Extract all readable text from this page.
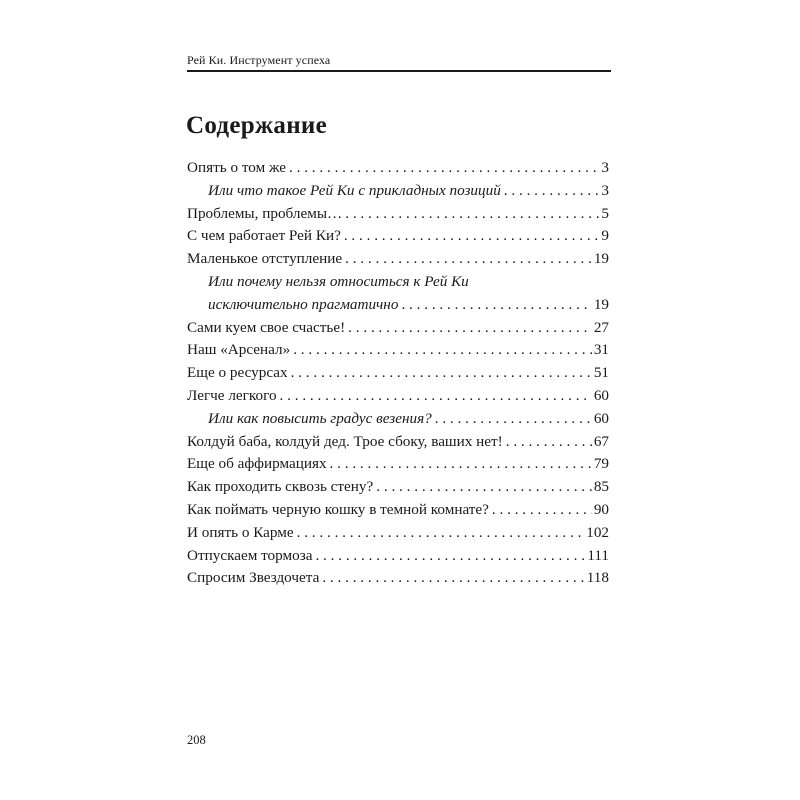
Рей Ки. Инструмент успеха
Содержание
Опять о том же . . .	3
Или что такое Рей Ки с прикладных позиций . . .	3
Проблемы, проблемы… . . .	5
С чем работает Рей Ки? . . .	9
Маленькое отступление . . .	19
Или почему нельзя относиться к Рей Ки
исключительно прагматично . . .	19
Сами куем свое счастье! . . .	27
Наш «Арсенал» . . .	31
Еще о ресурсах . . .	51
Легче легкого . . .	60
Или как повысить градус везения? . . .	60
Колдуй баба, колдуй дед. Трое сбоку, ваших нет! . . .	67
Еще об аффирмациях . . .	79
Как проходить сквозь стену? . . .	85
Как поймать черную кошку в темной комнате? . . .	90
И опять о Карме . . .	102
Отпускаем тормоза . . .	111
Спросим Звездочета . . .	118
208
